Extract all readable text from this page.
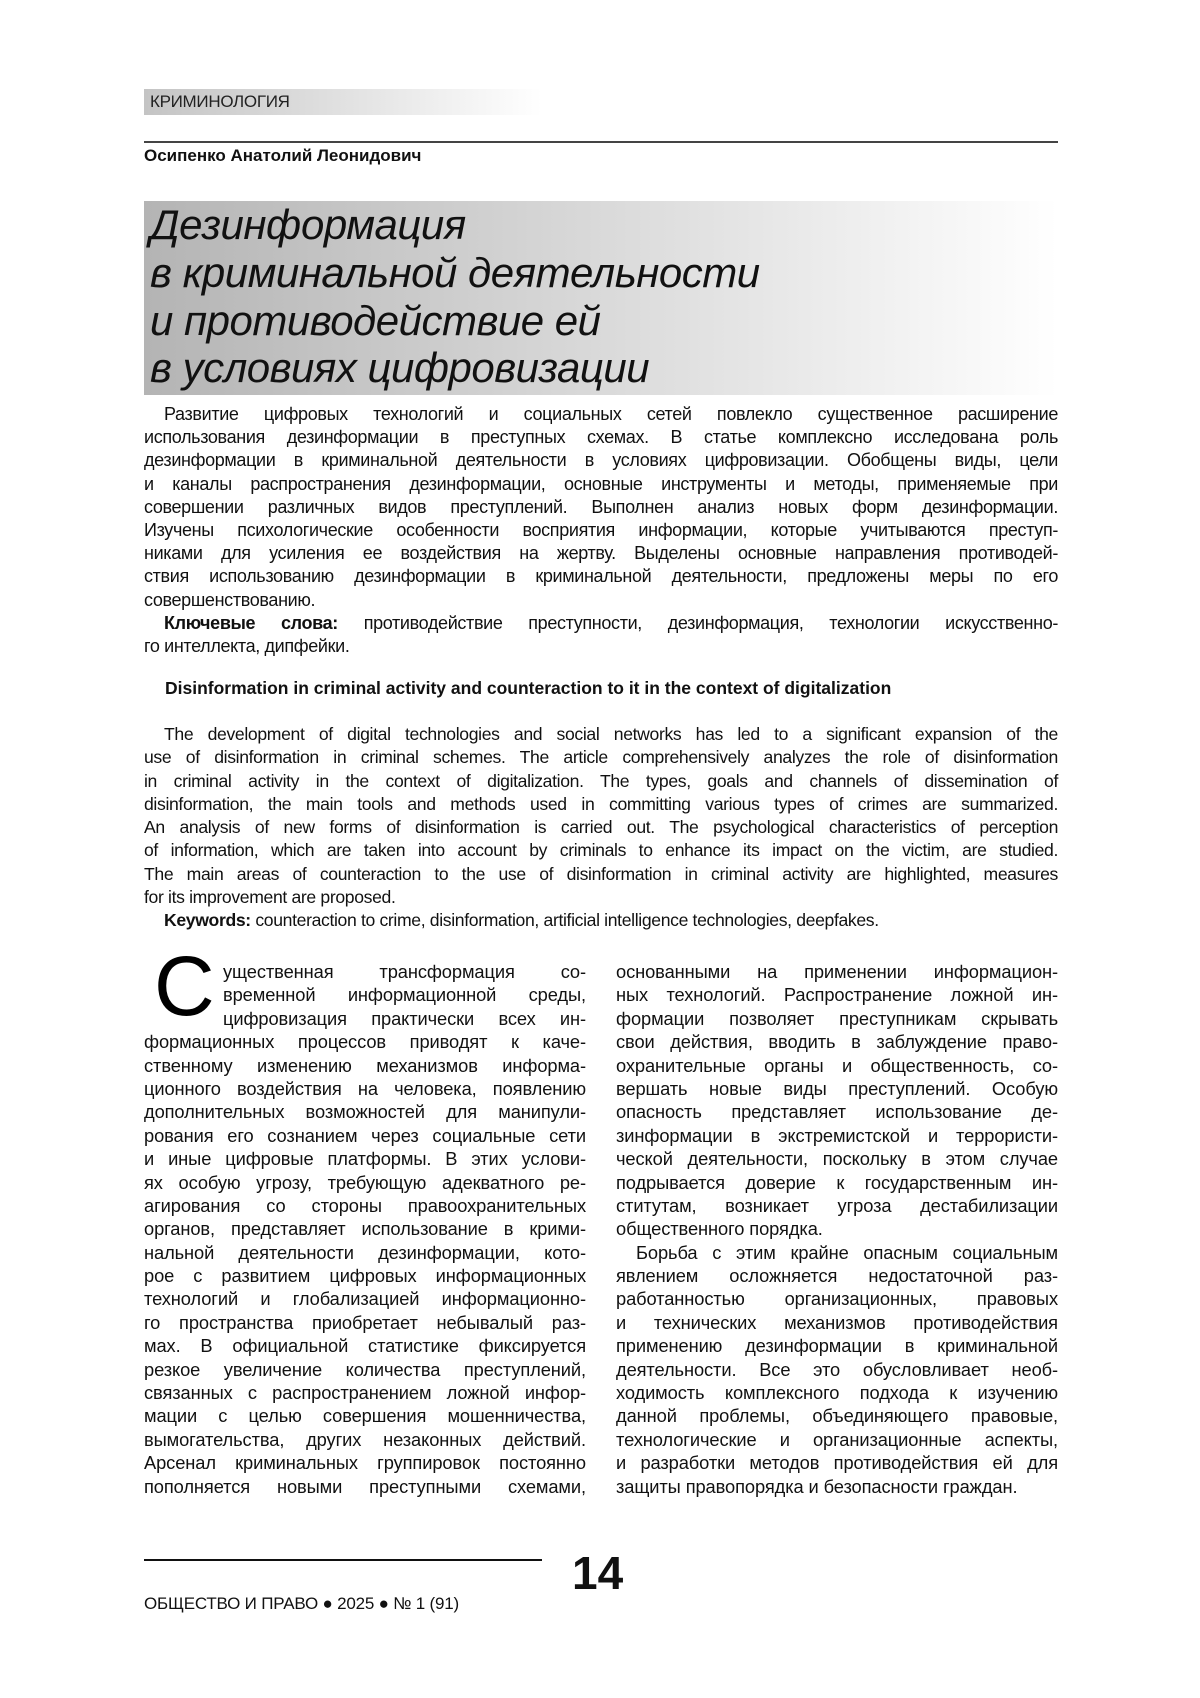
КРИМИНОЛОГИЯ
Осипенко Анатолий Леонидович
Дезинформация
в криминальной деятельности
и противодействие ей
в условиях цифровизации
Развитие цифровых технологий и социальных сетей повлекло существенное расширение
использования дезинформации в преступных схемах. В статье комплексно исследована роль
дезинформации в криминальной деятельности в условиях цифровизации. Обобщены виды, цели
и каналы распространения дезинформации, основные инструменты и методы, применяемые при
совершении различных видов преступлений. Выполнен анализ новых форм дезинформации.
Изучены психологические особенности восприятия информации, которые учитываются преступ-
никами для усиления ее воздействия на жертву. Выделены основные направления противодей-
ствия использованию дезинформации в криминальной деятельности, предложены меры по его
совершенствованию.
Ключевые слова: противодействие преступности, дезинформация, технологии искусственно-
го интеллекта, дипфейки.
Disinformation in criminal activity and counteraction to it in the context of digitalization
The development of digital technologies and social networks has led to a significant expansion of the
use of disinformation in criminal schemes. The article comprehensively analyzes the role of disinformation
in criminal activity in the context of digitalization. The types, goals and channels of dissemination of
disinformation, the main tools and methods used in committing various types of crimes are summarized.
An analysis of new forms of disinformation is carried out. The psychological characteristics of perception
of information, which are taken into account by criminals to enhance its impact on the victim, are studied.
The main areas of counteraction to the use of disinformation in criminal activity are highlighted, measures
for its improvement are proposed.
Keywords: counteraction to crime, disinformation, artificial intelligence technologies, deepfakes.
С ущественная трансформация со-
временной информационной среды,
цифровизация практически всех ин-
формационных процессов приводят к каче-
ственному изменению механизмов информа-
ционного воздействия на человека, появлению
дополнительных возможностей для манипули-
рования его сознанием через социальные сети
и иные цифровые платформы. В этих услови-
ях особую угрозу, требующую адекватного ре-
агирования со стороны правоохранительных
органов, представляет использование в крими-
нальной деятельности дезинформации, кото-
рое с развитием цифровых информационных
технологий и глобализацией информационно-
го пространства приобретает небывалый раз-
мах. В официальной статистике фиксируется
резкое увеличение количества преступлений,
связанных с распространением ложной инфор-
мации с целью совершения мошенничества,
вымогательства, других незаконных действий.
Арсенал криминальных группировок постоянно
пополняется новыми преступными схемами,
основанными на применении информацион-
ных технологий. Распространение ложной ин-
формации позволяет преступникам скрывать
свои действия, вводить в заблуждение право-
охранительные органы и общественность, со-
вершать новые виды преступлений. Особую
опасность представляет использование де-
зинформации в экстремистской и террористи-
ческой деятельности, поскольку в этом случае
подрывается доверие к государственным ин-
ститутам, возникает угроза дестабилизации
общественного порядка.
Борьба с этим крайне опасным социальным
явлением осложняется недостаточной раз-
работанностью организационных, правовых
и технических механизмов противодействия
применению дезинформации в криминальной
деятельности. Все это обусловливает необ-
ходимость комплексного подхода к изучению
данной проблемы, объединяющего правовые,
технологические и организационные аспекты,
и разработки методов противодействия ей для
защиты правопорядка и безопасности граждан.
14
ОБЩЕСТВО И ПРАВО ● 2025 ● № 1 (91)
